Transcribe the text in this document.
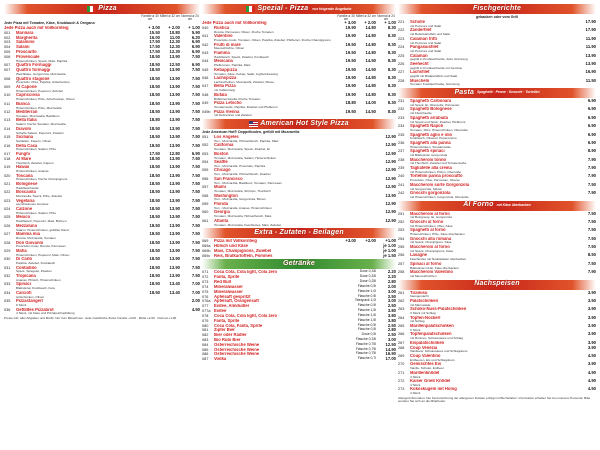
Pizza
Familie ø 30 cm
Mittel ø 32 cm Normal ø 24 cm
Jede Pizza mit Tomaten, Käse, Knoblauch & Oregano
Jede Pizza auch mit Vollkornteig	+ 3.00	+ 2.00	+ 1.00
001	Marinara	15.50	10.80	5.90
002	Margherita	16.00	11.00	6.20
003	Salamino	17.50	12.30	6.90
004	Salami	17.50	12.30	6.90
005	Prosciutto	17.50	12.30	6.90
006	Provenciale
Hinterschinken, Speck, Mais, Paprika
18.50	13.90	7.50
007	Quattro Formaggi	18.50	12.50	6.90
007	Quattro formaggi
Weichkäse, Gorgonzola, Mozzarella
18.50	13.90	7.50
008	Quattro stagione
Prosciutto, Pilze, Paprika, Artischocken
18.50	13.90	7.50
009	Al Capone
Hinterschinken, Peperoni, Zwiebel
18.50	13.90	7.50
010	Capricciosa
Hinterschinken, Pilze, Artischocken, Oliven
18.50	13.90	7.50
011	Bianca
Hinterschinken, Pilze, Mozzarella
18.50	13.90	7.50
012	Mediterran
Tomaten, Mozzarella, Basilikum
18.50	13.90	7.50
013	Bella Italia
Salami, frische Tomaten, Mozzarella
18.80	13.90	7.50
014	Diavolo
Scharfe Salami, Peperoni, Zwiebel
18.50	13.90	7.50
015	Siciliana
Sardellen, Kapern, Oliven
18.50	13.90	7.50
016	Della Casa
Hinterschinken, Salami, Pilze
18.50	13.90	7.50
017	Funghi	17.50	12.80	6.90
018	Al Mare
Thunfisch, Zwiebel, Kapern
18.50	13.90	7.50
019	Hawaii
Hinterschinken, Ananas
18.50	13.90	7.50
020	Toscana
Hinterschinken, frische Champignons
18.50	13.90	7.50
021	Bolognese
Hackfleischsoße
18.50	13.90	7.50
022	Boscaiola
Mozzarella, Speck, Pilze, Zwiebel
18.50	13.90	7.50
023	Vegetaria
verschiedenes Gemüse
18.50	13.90	7.50
024	Calzone
Hinterschinken, Salami, Pilze
18.50	13.90	7.50
025	Mexico
Hackfleisch, Peperoni, Mais, Bohnen
18.50	13.90	7.50
026	Mezzaluna
Salami, Hinterschinken, gefüllter Rand
18.50	13.90	7.50
027	Mamma mia
Rucola, Mozzarella, Tomaten
18.50	13.90	7.50
028	Don Giovanni
Prosciutto crudo, Rucola, Parmesan
18.50	13.90	7.50
029	Mafia
Hinterschinken, Peperoni, Mais, Oliven
18.50	13.90	7.50
030	Di Carlo
Paprika, Zwiebel, Knoblauch
18.50	13.90	7.50
031	Contadino
Speck, Spiegelei, Zwiebel
18.50	13.90	7.50
032	Tropicana
Ananas, Pfirsich, Hinterschinken
18.50	13.90	7.50
033	Spinaci
Blattspinat, Knoblauch, Feta
18.50	13.40	7.00
034	Carciofi
Artischocken, Oliven
18.50	13.40	7.00
035	Pizzastangerl
6 Stück
2.00
036	Gefülltes Pizzabrot
4 Stück, mit Käse und Pizzaketchupfüllung
4.50
Preise inkl. aller Abgaben und MwSt. Nur zum Mitnehmen. Jede zusätzliche Zutat: Familie +3.00 · Mittel +2.00 · Normal +1.00
Spezial - Pizza nur folgende Angebote
Familie ø 30 cm
Mittel ø 32 cm Normal ø 24 cm
Jede Pizza auch mit Vollkornteig	+ 3.00	+ 2.00	+ 1.00
040	Rustica
Rucola, Parmesan, Oliven, frische Tomaten
19.90	14.80	8.30
041	Valentino
Prosciutto crudo, Tomaten, Oliven, Paprika, Zwiebel, Pfefferoni, frische Champignons
19.90	14.80	8.30
042	Frutti di mare
Meeresfrüchte, Oliven
19.50	14.80	8.30
043	Fiamma
Hackfleisch, Speck, Zwiebel, Knoblauch
19.50	14.80	8.30
044	Mexicana
Pfefferonen, Paprika, Mais
19.50	14.50	8.30
045	Kebappizza
Tomaten, Käse, Kebap, Salat, Joghurtdressing
19.50	14.50	8.30
046	Lachspizza
Lachsscheiben, Mozzarella, Zwiebel, Wiese
19.90	14.80	8.30
047	Bella Pizza
mit Vollkornteig
19.90	14.80	8.30
048	Bufala
Büffelmozzarella, frische Tomaten
19.90	14.80	8.30
049	Pizza Letscho
Tomatensoße, Paprika, Zwiebel und Pfefferoni
18.80	14.00	8.30
049b Pizza Vienna
mit Debreziner und Zwiebel
19.50	14.50	8.30
American Hot Style Pizza
Jede American Hot® Doppelboden, gefüllt mit Mozzarella
051	Los Angeles
Tom., Mozzarella, Hühnerfleisch, Paprika, Mais
12.90
052	California
Tomaten, Mozzarella, Speck, Zwiebel, Ei
12.90
053	Boston
Tomaten, Mozzarella, Salami, Hinterschinken
12.90
054	Seattle
Tom., Mozzarella, Prosciutto, Paprika
12.90
055	Chicago
Tom., Mozzarella, Hühnerfleisch, Zwiebel
12.90
056	San Francisco
Tom., Mozzarella, Basilikum, Tomaten, Parmesan
12.90
057	Miami
Tomaten, Mozzarella, Shrimps, Thunfisch
12.90
058	Washington
Tom., Mozzarella, Gorgonzola, Birnen
13.90
059	Florida
Tom., Mozzarella, Ananas, Hinterschinken
12.90
060	Georgia
Tomaten, Mozzarella, Hühnerfleisch, Mais
12.90
061	Atlanta
Tomaten, Mozzarella, Faschiertes, Mais, Zwiebel
12.90
Extra - Zutaten - Beilagen
069	Pizza mit Vollkornteig	+3.00	+2.00	+1.00
069a Hülsch und Käse	je 1.00
069b Mais, Champignons, Zwiebel	je 1.00
069c Reis, Bratkartoffeln, Pommes	je 1.50
Getränke
071	Coca Cola, Cola light, Cola zero	Dose 0,33l	2.20
072	Fanta, Sprite	Dose 0,33l	2.20
073	Red Bull	Dose 0,25l	2.80
074	Mineralwasser	Flasche 0,5l	2.00
075	Mineralwasser	Flasche 1,0l	3.00
076	Apfelsaft gespritzt	Flasche 0,5l	2.50
076a Apfelsaft, Orangensaft	Tetrapack 1,0l	3.00
077	Eistee, Almdudler	Flasche 0,5l	2.50
077a Eistee	Flasche 1,5l	3.80
078	Coca Cola, Cola light, Cola zero	Flasche 1,5l	3.80
079	Fanta, Sprite	Flasche 1,5l	3.80
080	Coca Cola, Fanta, Sprite	Flasche 0,5l	2.50
081	Zipfer Bier	Flasche 0,5l	2.80
082	Bier oder Radler	Dose 0,5l	2.50
083	Bio Rubi Bier	Flasche 0,33l	3.00
084	Österreichische Weine	Flasche 0,75l	12.50
085	Österreichische Weine	Flasche 0,75l	14.90
086	Österreichische Weine	Flasche 0,75l	16.90
087	Vodka	Flasche 0,7l	17.00
Fischgerichte
gebacken oder vom Grill
221	Scholle
mit Pommes und Salat
17.90
222	Zanderfilet
mit Butterkartoffeln und Salat
17.90
223	Calamari fritti
mit Pommes und Salat
11.90
224	Pangasiusfilet
mit Pommes und Salat
11.90
225	Calamari
gegrillt in Knoblauchsoße, dazu Grünzeug
13.90
226	Seehecht
gegrillt in Knoblauchsoße mit Gemüse
13.90
227	Lachsfilet
gegrillt mit Bratkartoffeln und Salat
16.90
228	Muscheln
Tomaten Knoblauchsoße, Grünzeug
11.50
Pasta Spaghetti · Penne · Gnocchi · Tortellini
231	Spaghetti Carbonara
mit Speck, Ei, Obersoße, Parmesan
6.90
232	Spaghetti Bolognese
mit Fleischsoße
6.90
233	Spaghetti arrabiata
mit Speck und Spick, Zwiebel, Pfefferoni
6.90
234	Spaghetti Napoli
Tomaten, Pilze, Hinterschinken, Obersoße
6.90
235	Spaghetti aglio e olio
Knoblauch, Olivenöl, Peperoncino
6.90
236	Spaghetti alla panna
Hinterschinken, Tomatensoße
6.90
237	Spaghetti spinaci
mit Blattspinat, Gorgonzola
8.90
238	Maccheroni tonno
mit Thunfisch, Zwiebel und Tomatensoße
7.90
239	Tagliatelle alla crema
mit Hinterschinken, Pilzen, Obersoße
7.90
240	Tortellini panna prosciutto
Prosciutto, Ober, Parmesan, Oberse
7.90
241	Maccheroni sorte Gorgonzola
mit Gorgonzola, Spinat
7.50
242	Gnocchi gorgonzola
mit Hinterschinken, Gorgonzola, Obersoße
7.90
Al Forno mit Käse überbacken
251	Maccheroni al forno
mit Bolognese, Ei, Gorgonzola
7.50
252	Gnocchi al forno
mit Hinterschinken, Ober, Käse
7.50
253	Spaghetti al forno
Hinterschinken, Pilze, Käse überbacken
7.50
254	Gnocchi alla romana
mit Speck, Champignon, Käse
7.50
255	Maccheroni al forno
mit Speck, Champignons, Käse
7.50
256	Lasagne
Faschiertes mit Nudelplatten überbacken
8.50
257	Spinaci al forno
Blattspinat mit Ei, Käse überbacken
7.50
258	Maccheroni Valentino
mit Meeresfrüchten
7.90
Nachspeisen
261	Tiramisu
hausgemacht
3.90
262	Palatschinken
mit Marmelade
3.50
263	Schoko-Nuss-Palatschinken
3 Stück mit Schlag
3.90
264	Topfen-Nockerl
mit Schlag
3.90
265	Marillenpalatschinken
3 Stück
3.90
266	Topfenpalatschinken
mit Rosinen, Schokosauce und Schlag
3.90
267	Eispalatschinken	3.90
268	Coup Venezia
Vanilleeis, Schokosauce und Schlagobers
3.90
269	Coup Valentino
Erdbeeren, Eis und Schlagobers
4.50
270	Gemischtes Eis
Vanille, Schoko, Erdbeer
3.90
271	Marillenknödel
4 Stück
4.90
272	Kaiser Grieß Knödel
4 Stück
4.90
273	Kokoskugeln mit Honig
4 Stück
4.50
Allergeninformation: Die Kennzeichnung der allergenen Zutaten erfolgt mit Buchstaben. Information erhalten Sie bei unserem Personal. Bitte wenden Sie sich an die Mitarbeiter.
